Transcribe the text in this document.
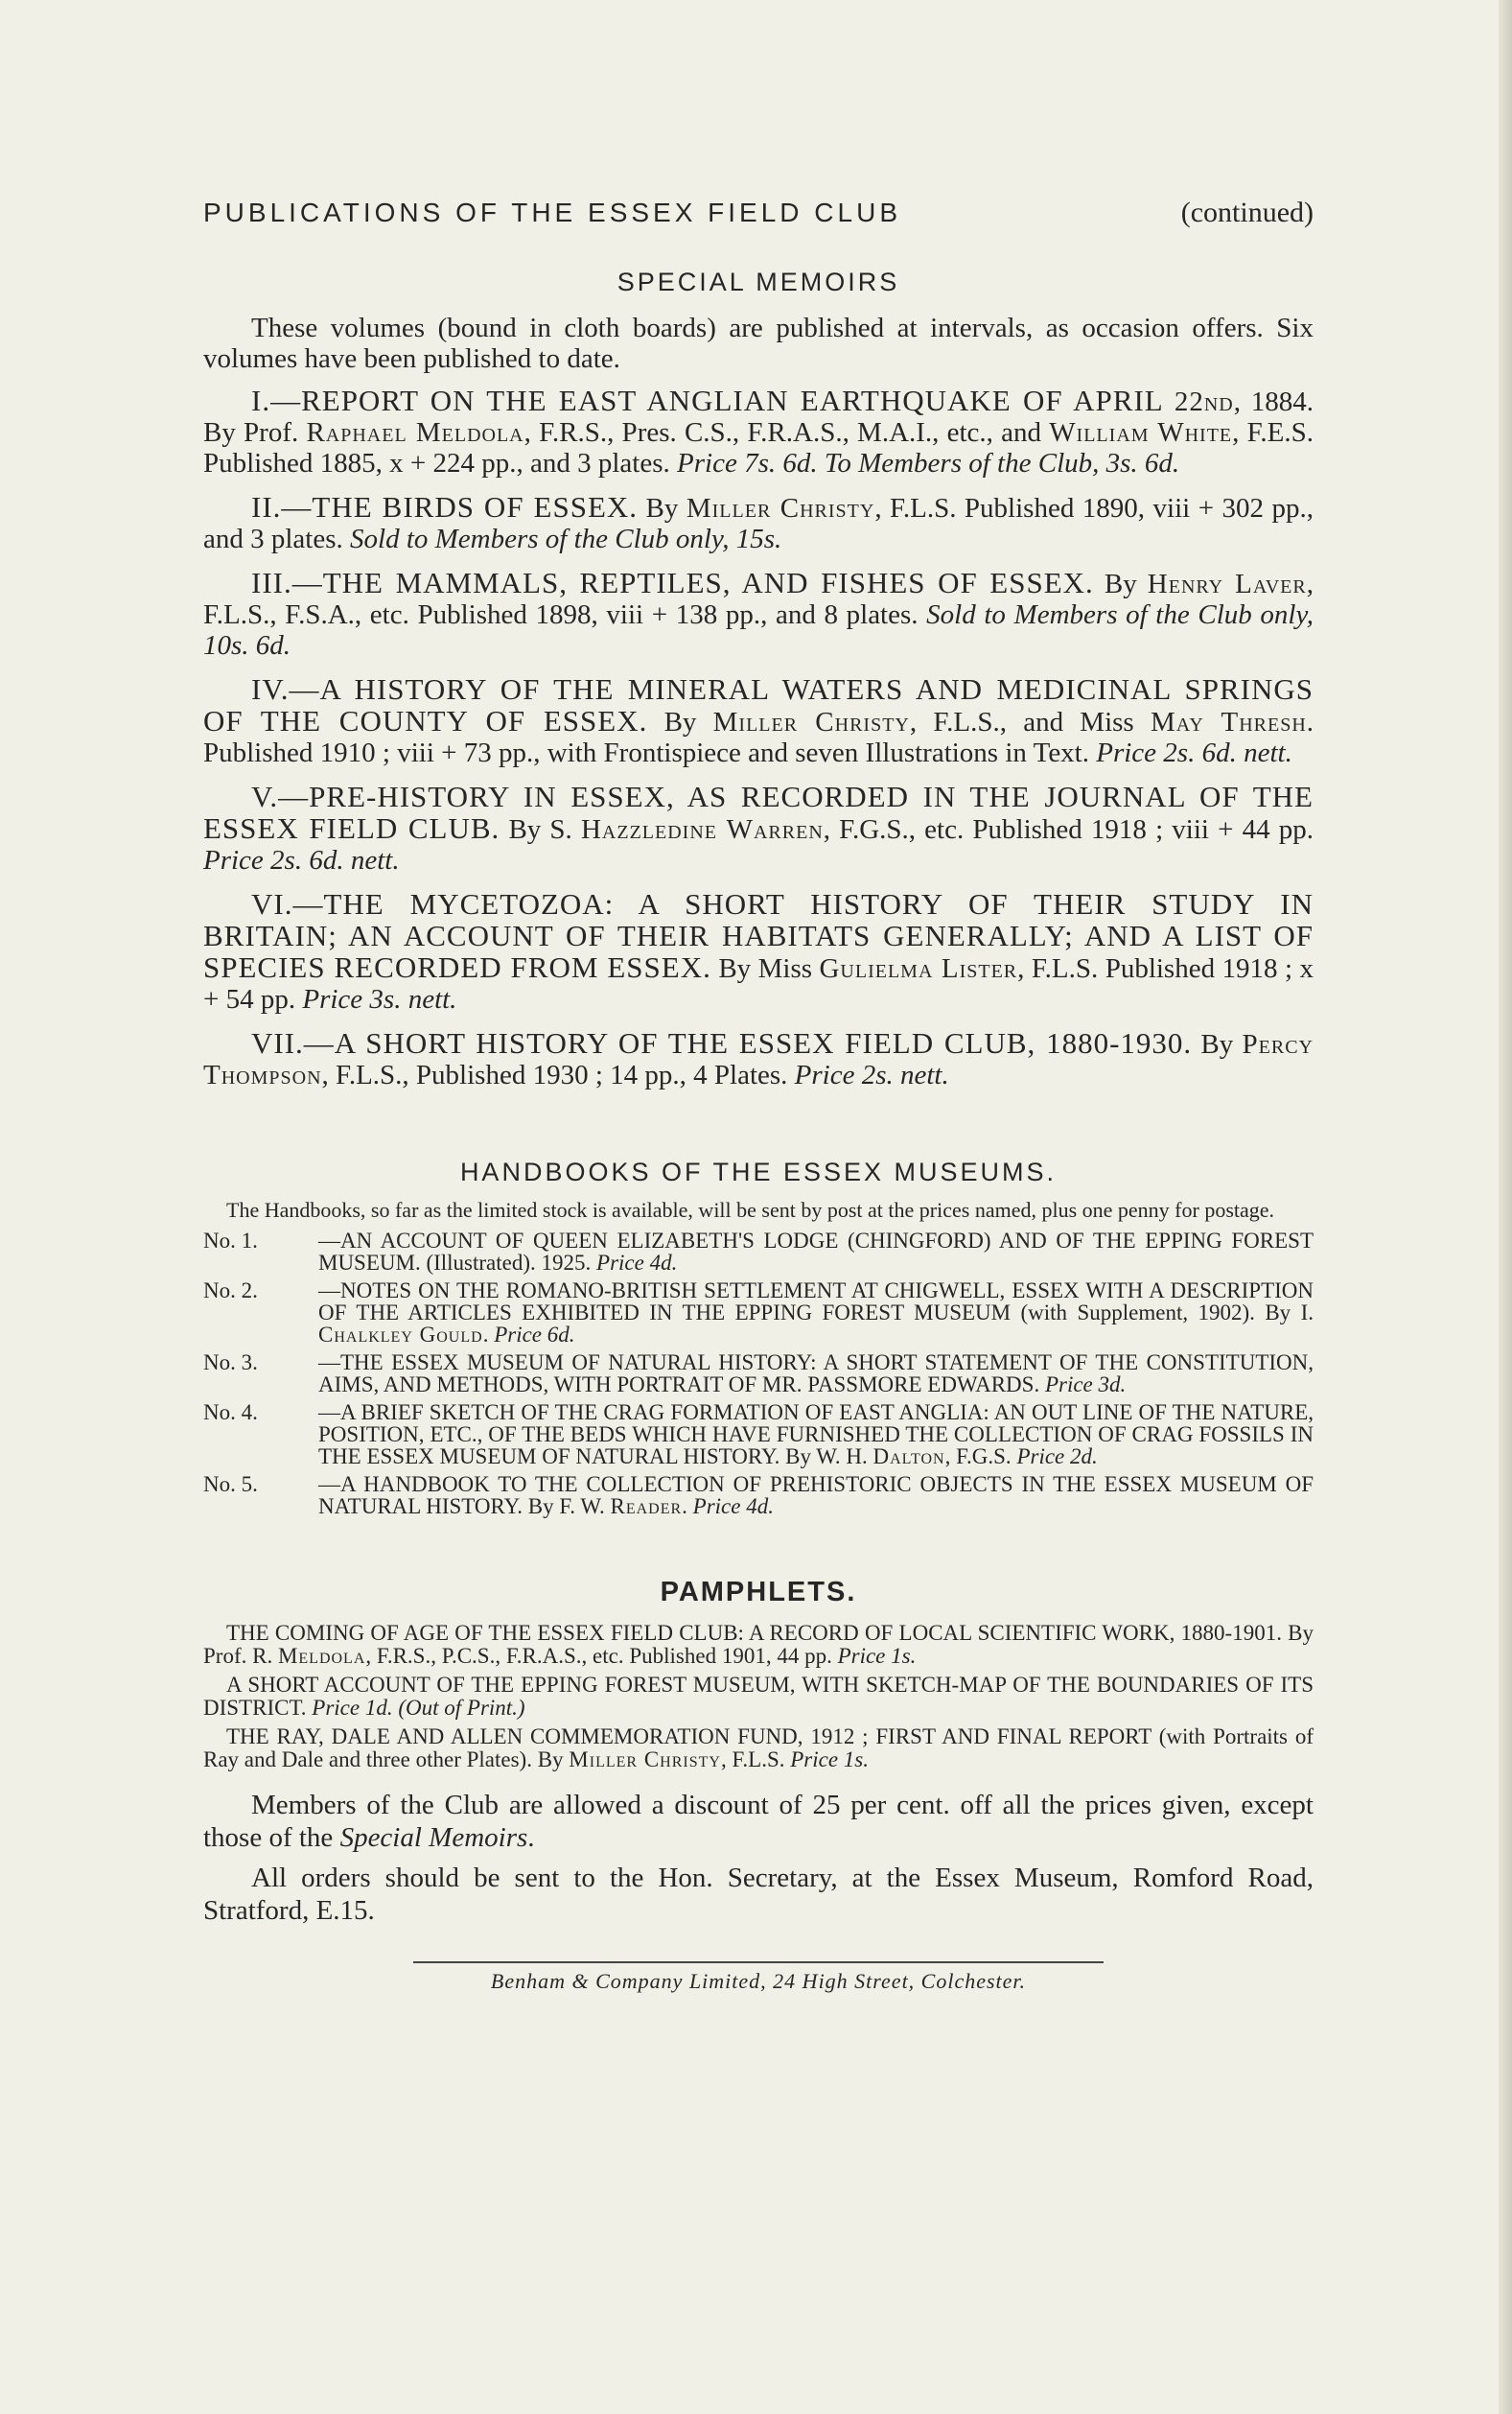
PUBLICATIONS OF THE ESSEX FIELD CLUB	(continued)
SPECIAL MEMOIRS
These volumes (bound in cloth boards) are published at intervals, as occasion offers. Six volumes have been published to date.
I.—REPORT ON THE EAST ANGLIAN EARTHQUAKE OF APRIL 22nd, 1884. By Prof. Raphael Meldola, F.R.S., Pres. C.S., F.R.A.S., M.A.I., etc., and William White, F.E.S. Published 1885, x + 224 pp., and 3 plates. Price 7s. 6d. To Members of the Club, 3s. 6d.
II.—THE BIRDS OF ESSEX. By Miller Christy, F.L.S. Published 1890, viii + 302 pp., and 3 plates. Sold to Members of the Club only, 15s.
III.—THE MAMMALS, REPTILES, AND FISHES OF ESSEX. By Henry Laver, F.L.S., F.S.A., etc. Published 1898, viii + 138 pp., and 8 plates. Sold to Members of the Club only, 10s. 6d.
IV.—A HISTORY OF THE MINERAL WATERS AND MEDICINAL SPRINGS OF THE COUNTY OF ESSEX. By Miller Christy, F.L.S., and Miss May Thresh. Published 1910 ; viii + 73 pp., with Frontispiece and seven Illustrations in Text. Price 2s. 6d. nett.
V.—PRE-HISTORY IN ESSEX, AS RECORDED IN THE JOURNAL OF THE ESSEX FIELD CLUB. By S. Hazzledine Warren, F.G.S., etc. Published 1918 ; viii + 44 pp. Price 2s. 6d. nett.
VI.—THE MYCETOZOA: A SHORT HISTORY OF THEIR STUDY IN BRITAIN; AN ACCOUNT OF THEIR HABITATS GENERALLY; AND A LIST OF SPECIES RECORDED FROM ESSEX. By Miss Gulielma Lister, F.L.S. Published 1918 ; x + 54 pp. Price 3s. nett.
VII.—A SHORT HISTORY OF THE ESSEX FIELD CLUB, 1880-1930. By Percy Thompson, F.L.S., Published 1930 ; 14 pp., 4 Plates. Price 2s. nett.
HANDBOOKS OF THE ESSEX MUSEUMS.
The Handbooks, so far as the limited stock is available, will be sent by post at the prices named, plus one penny for postage.
No. 1.	—AN ACCOUNT OF QUEEN ELIZABETH'S LODGE (CHINGFORD) AND OF THE EPPING FOREST MUSEUM. (Illustrated). 1925. Price 4d.
No. 2.	—NOTES ON THE ROMANO-BRITISH SETTLEMENT AT CHIGWELL, ESSEX WITH A DESCRIPTION OF THE ARTICLES EXHIBITED IN THE EPPING FOREST MUSEUM (with Supplement, 1902). By I. Chalkley Gould. Price 6d.
No. 3.	—THE ESSEX MUSEUM OF NATURAL HISTORY: A SHORT STATEMENT OF THE CONSTITUTION, AIMS, AND METHODS, WITH PORTRAIT OF MR. PASSMORE EDWARDS. Price 3d.
No. 4.	—A BRIEF SKETCH OF THE CRAG FORMATION OF EAST ANGLIA: AN OUT LINE OF THE NATURE, POSITION, ETC., OF THE BEDS WHICH HAVE FURNISHED THE COLLECTION OF CRAG FOSSILS IN THE ESSEX MUSEUM OF NATURAL HISTORY. By W. H. Dalton, F.G.S. Price 2d.
No. 5.	—A HANDBOOK TO THE COLLECTION OF PREHISTORIC OBJECTS IN THE ESSEX MUSEUM OF NATURAL HISTORY. By F. W. Reader. Price 4d.
PAMPHLETS.
THE COMING OF AGE OF THE ESSEX FIELD CLUB: A RECORD OF LOCAL SCIENTIFIC WORK, 1880-1901. By Prof. R. Meldola, F.R.S., P.C.S., F.R.A.S., etc. Published 1901, 44 pp. Price 1s.
A SHORT ACCOUNT OF THE EPPING FOREST MUSEUM, WITH SKETCH-MAP OF THE BOUNDARIES OF ITS DISTRICT. Price 1d. (Out of Print.)
THE RAY, DALE AND ALLEN COMMEMORATION FUND, 1912 ; FIRST AND FINAL REPORT (with Portraits of Ray and Dale and three other Plates). By Miller Christy, F.L.S. Price 1s.
Members of the Club are allowed a discount of 25 per cent. off all the prices given, except those of the Special Memoirs.
All orders should be sent to the Hon. Secretary, at the Essex Museum, Romford Road, Stratford, E.15.
Benham & Company Limited, 24 High Street, Colchester.
